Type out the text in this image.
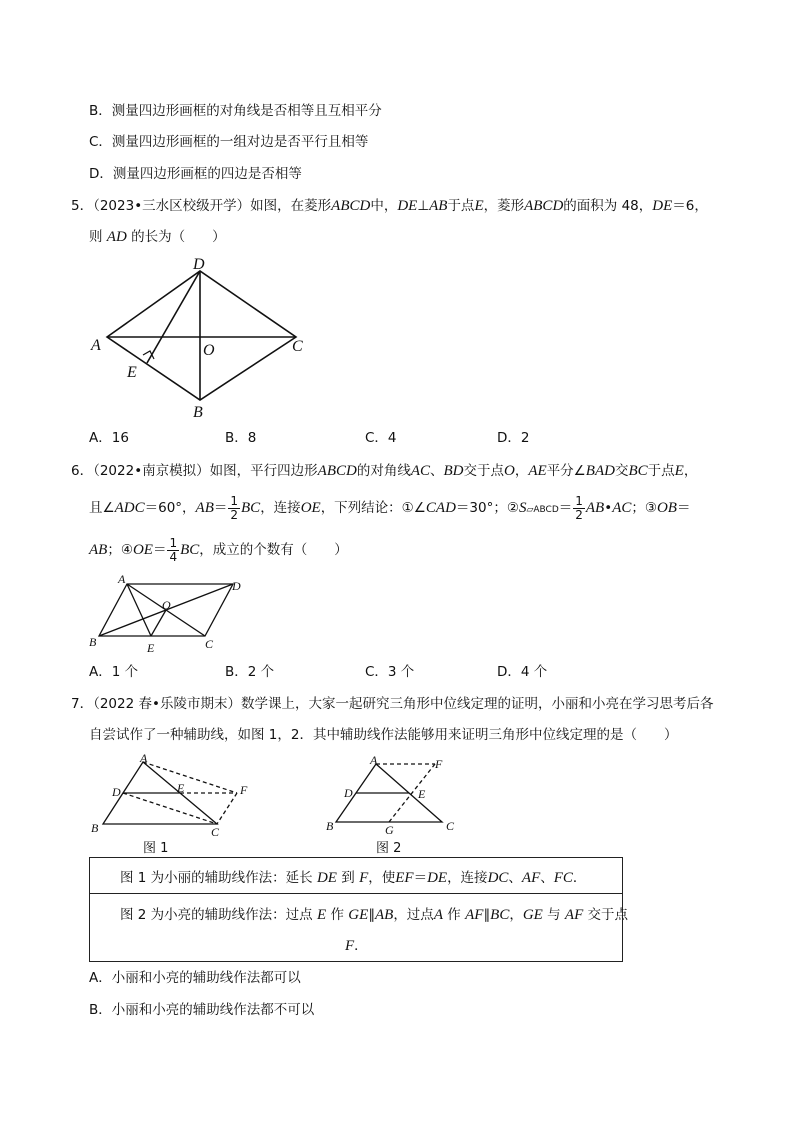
B．测量四边形画框的对角线是否相等且互相平分
C．测量四边形画框的一组对边是否平行且相等
D．测量四边形画框的四边是否相等
5．（2023•三水区校级开学）如图，在菱形ABCD中，DE⊥AB于点E，菱形ABCD的面积为 48，DE＝6，
则 AD 的长为（　　）
D
A	O	C
E
B
A．16	B．8	C．4	D．2
6．（2022•南京模拟）如图，平行四边形ABCD的对角线AC、BD交于点O，AE平分∠BAD交BC于点E，
且∠ADC＝60°，$AB= \frac{1}{2}$ BC，连接OE，下列结论：①∠CAD＝30°；②S▱ABCD＝ $\frac{1}{2}$ AB•AC；③OB＝
AB；④OE＝ $\frac{1}{4}$ BC，成立的个数有（　　）
A	D
O
B	E	C
A．1 个	B．2 个	C．3 个	D．4 个
7．（2022 春•乐陵市期末）数学课上，大家一起研究三角形中位线定理的证明，小丽和小亮在学习思考后各
自尝试作了一种辅助线，如图 1，2．其中辅助线作法能够用来证明三角形中位线定理的是（　　）
A
D	E	F
B	C
图 1
A	F
D	E
B	G	C
图 2
图 1 为小丽的辅助线作法：延长 DE 到 F，使EF＝DE，连接DC、AF、FC．
图 2 为小亮的辅助线作法：过点 E 作 GE∥AB，过点A 作 AF∥BC，GE 与 AF 交于点
F．
A．小丽和小亮的辅助线作法都可以
B．小丽和小亮的辅助线作法都不可以
